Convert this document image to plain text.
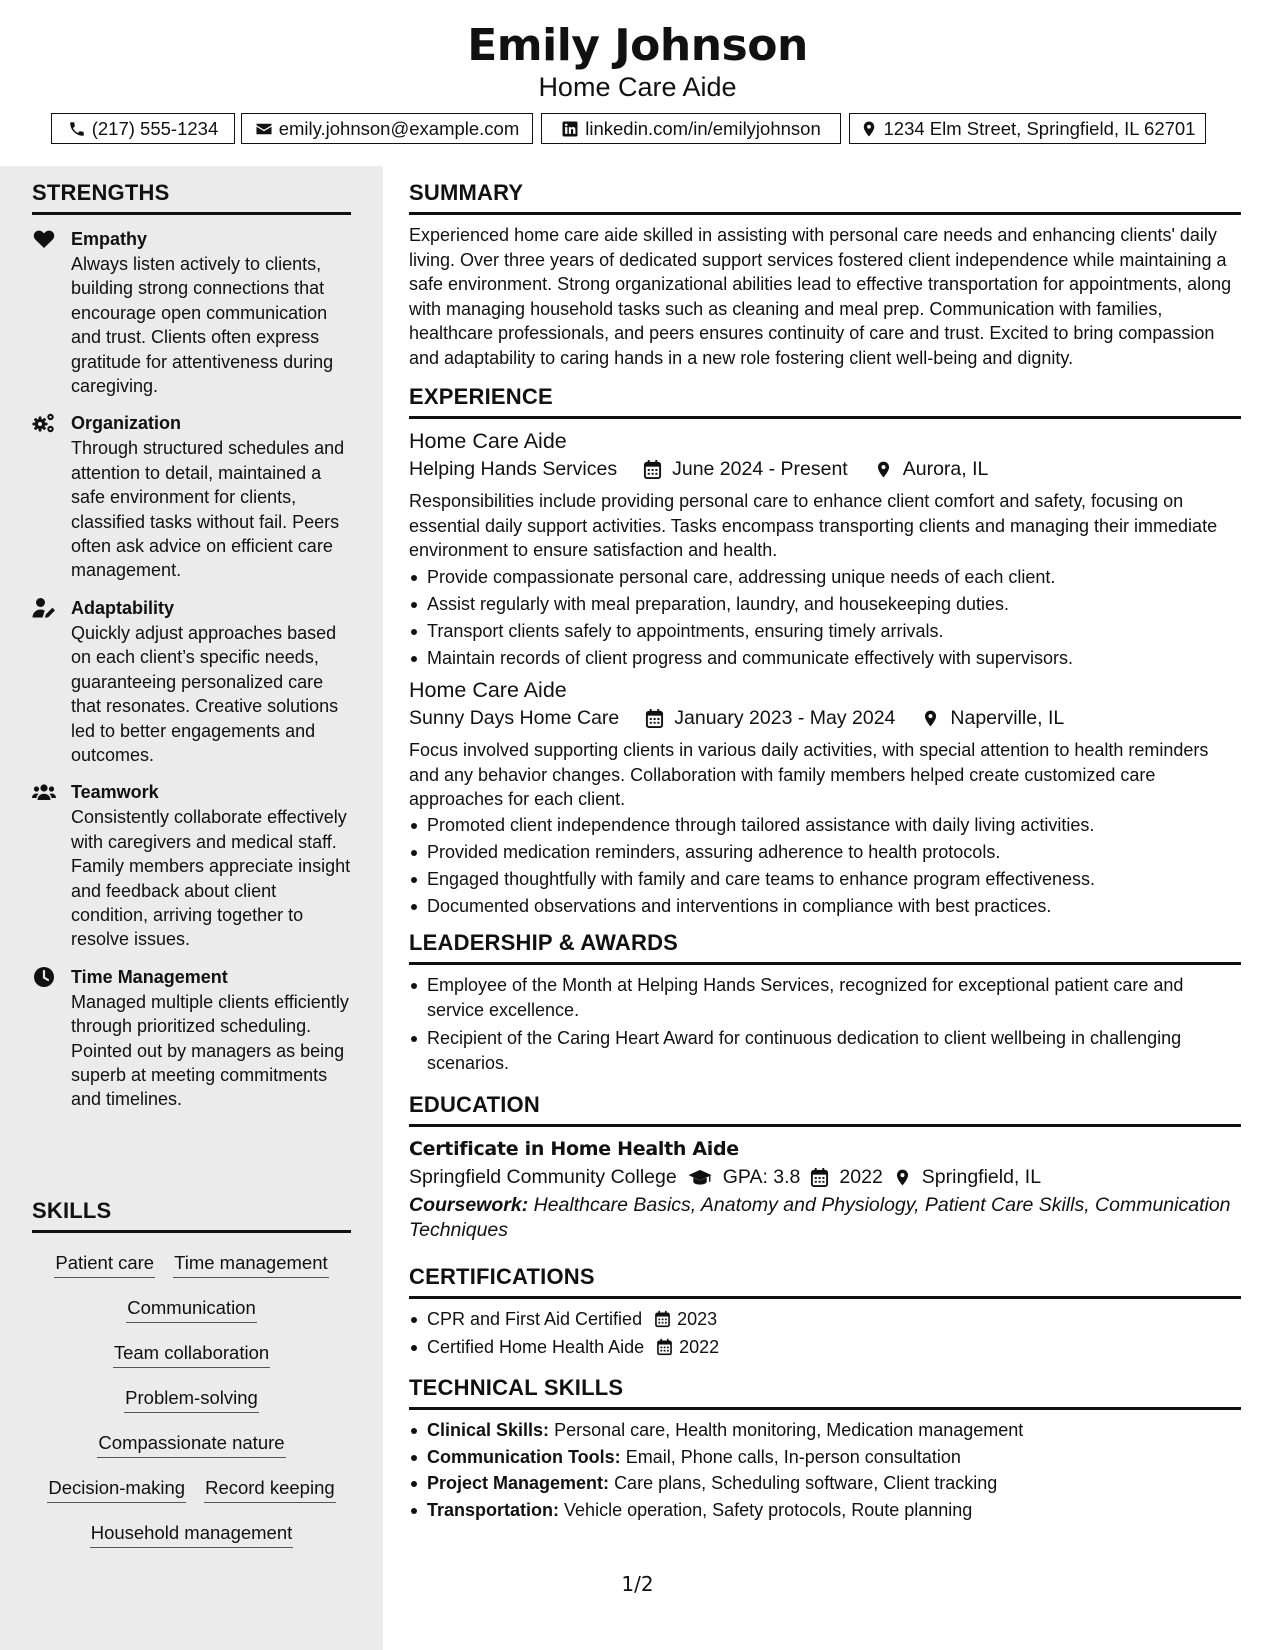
Emily Johnson
Home Care Aide
(217) 555-1234	emily.johnson@example.com	linkedin.com/in/emilyjohnson	1234 Elm Street, Springfield, IL 62701
STRENGTHS
Empathy
Always listen actively to clients, building strong connections that encourage open communication and trust. Clients often express gratitude for attentiveness during caregiving.
Organization
Through structured schedules and attention to detail, maintained a safe environment for clients, classified tasks without fail. Peers often ask advice on efficient care management.
Adaptability
Quickly adjust approaches based on each client’s specific needs, guaranteeing personalized care that resonates. Creative solutions led to better engagements and outcomes.
Teamwork
Consistently collaborate effectively with caregivers and medical staff. Family members appreciate insight and feedback about client condition, arriving together to resolve issues.
Time Management
Managed multiple clients efficiently through prioritized scheduling. Pointed out by managers as being superb at meeting commitments and timelines.
SKILLS
Patient care Time management
Communication
Team collaboration
Problem-solving
Compassionate nature
Decision-making Record keeping
Household management
SUMMARY
Experienced home care aide skilled in assisting with personal care needs and enhancing clients' daily living. Over three years of dedicated support services fostered client independence while maintaining a safe environment. Strong organizational abilities lead to effective transportation for appointments, along with managing household tasks such as cleaning and meal prep. Communication with families, healthcare professionals, and peers ensures continuity of care and trust. Excited to bring compassion and adaptability to caring hands in a new role fostering client well-being and dignity.
EXPERIENCE
Home Care Aide
Helping Hands Services	June 2024 - Present	Aurora, IL
Responsibilities include providing personal care to enhance client comfort and safety, focusing on essential daily support activities. Tasks encompass transporting clients and managing their immediate environment to ensure satisfaction and health.
Provide compassionate personal care, addressing unique needs of each client.
Assist regularly with meal preparation, laundry, and housekeeping duties.
Transport clients safely to appointments, ensuring timely arrivals.
Maintain records of client progress and communicate effectively with supervisors.
Home Care Aide
Sunny Days Home Care	January 2023 - May 2024	Naperville, IL
Focus involved supporting clients in various daily activities, with special attention to health reminders and any behavior changes. Collaboration with family members helped create customized care approaches for each client.
Promoted client independence through tailored assistance with daily living activities.
Provided medication reminders, assuring adherence to health protocols.
Engaged thoughtfully with family and care teams to enhance program effectiveness.
Documented observations and interventions in compliance with best practices.
LEADERSHIP & AWARDS
Employee of the Month at Helping Hands Services, recognized for exceptional patient care and service excellence.
Recipient of the Caring Heart Award for continuous dedication to client wellbeing in challenging scenarios.
EDUCATION
Certificate in Home Health Aide
Springfield Community College GPA: 3.8 2022 Springfield, IL
Coursework: Healthcare Basics, Anatomy and Physiology, Patient Care Skills, Communication Techniques
CERTIFICATIONS
CPR and First Aid Certified 2023
Certified Home Health Aide 2022
TECHNICAL SKILLS
Clinical Skills: Personal care, Health monitoring, Medication management
Communication Tools: Email, Phone calls, In-person consultation
Project Management: Care plans, Scheduling software, Client tracking
Transportation: Vehicle operation, Safety protocols, Route planning
1/2
